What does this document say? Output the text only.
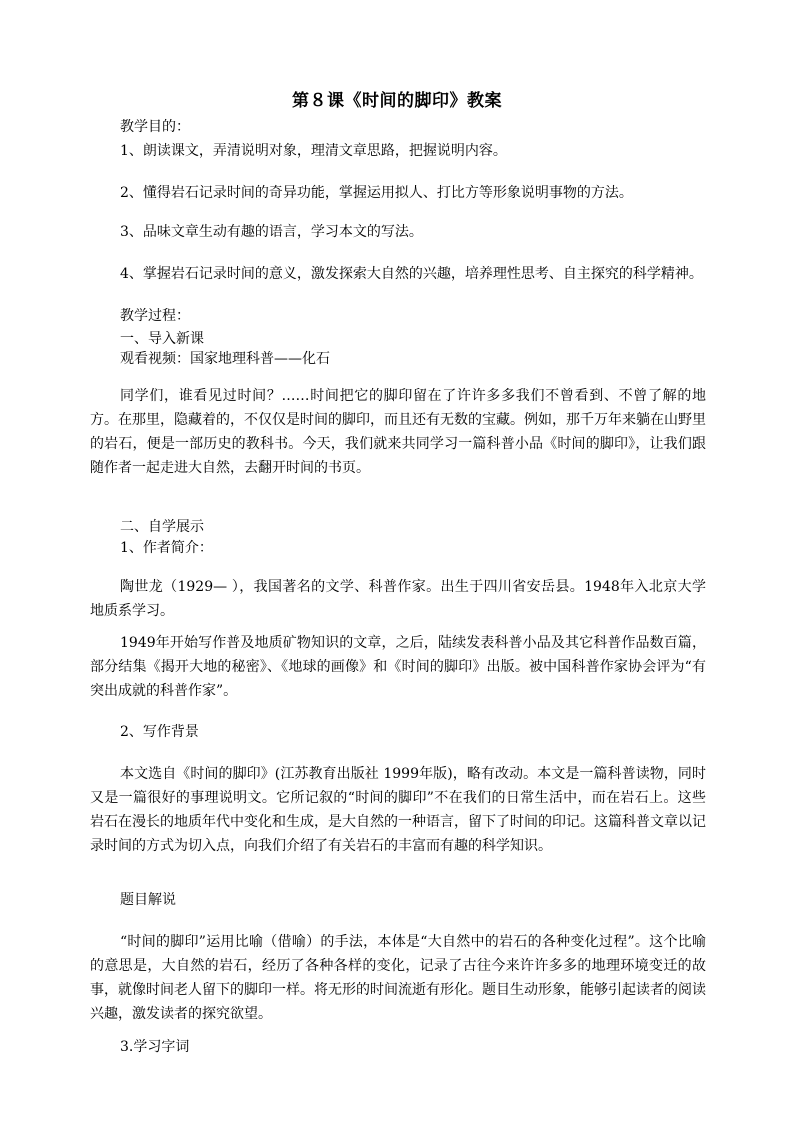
第８课《时间的脚印》教案
教学目的：
1、朗读课文，弄清说明对象，理清文章思路，把握说明内容。
2、懂得岩石记录时间的奇异功能，掌握运用拟人、打比方等形象说明事物的方法。
3、品味文章生动有趣的语言，学习本文的写法。
4、掌握岩石记录时间的意义，激发探索大自然的兴趣，培养理性思考、自主探究的科学精神。
教学过程：
一、导入新课
观看视频：国家地理科普——化石
同学们，谁看见过时间？……时间把它的脚印留在了许许多多我们不曾看到、不曾了解的地方。在那里，隐藏着的，不仅仅是时间的脚印，而且还有无数的宝藏。例如，那千万年来躺在山野里的岩石，便是一部历史的教科书。今天，我们就来共同学习一篇科普小品《时间的脚印》，让我们跟随作者一起走进大自然，去翻开时间的书页。
二、自学展示
1、作者简介：
陶世龙（1929— ），我国著名的文学、科普作家。出生于四川省安岳县。1948年入北京大学地质系学习。
1949年开始写作普及地质矿物知识的文章，之后，陆续发表科普小品及其它科普作品数百篇，部分结集《揭开大地的秘密》、《地球的画像》和《时间的脚印》出版。被中国科普作家协会评为“有突出成就的科普作家”。
2、写作背景
本文选自《时间的脚印》(江苏教育出版社 1999年版)，略有改动。本文是一篇科普读物，同时又是一篇很好的事理说明文。它所记叙的“时间的脚印”不在我们的日常生活中，而在岩石上。这些岩石在漫长的地质年代中变化和生成，是大自然的一种语言，留下了时间的印记。这篇科普文章以记录时间的方式为切入点，向我们介绍了有关岩石的丰富而有趣的科学知识。
题目解说
“时间的脚印”运用比喻（借喻）的手法，本体是“大自然中的岩石的各种变化过程”。这个比喻的意思是，大自然的岩石，经历了各种各样的变化，记录了古往今来许许多多的地理环境变迁的故事，就像时间老人留下的脚印一样。将无形的时间流逝有形化。题目生动形象，能够引起读者的阅读兴趣，激发读者的探究欲望。
3.学习字词
